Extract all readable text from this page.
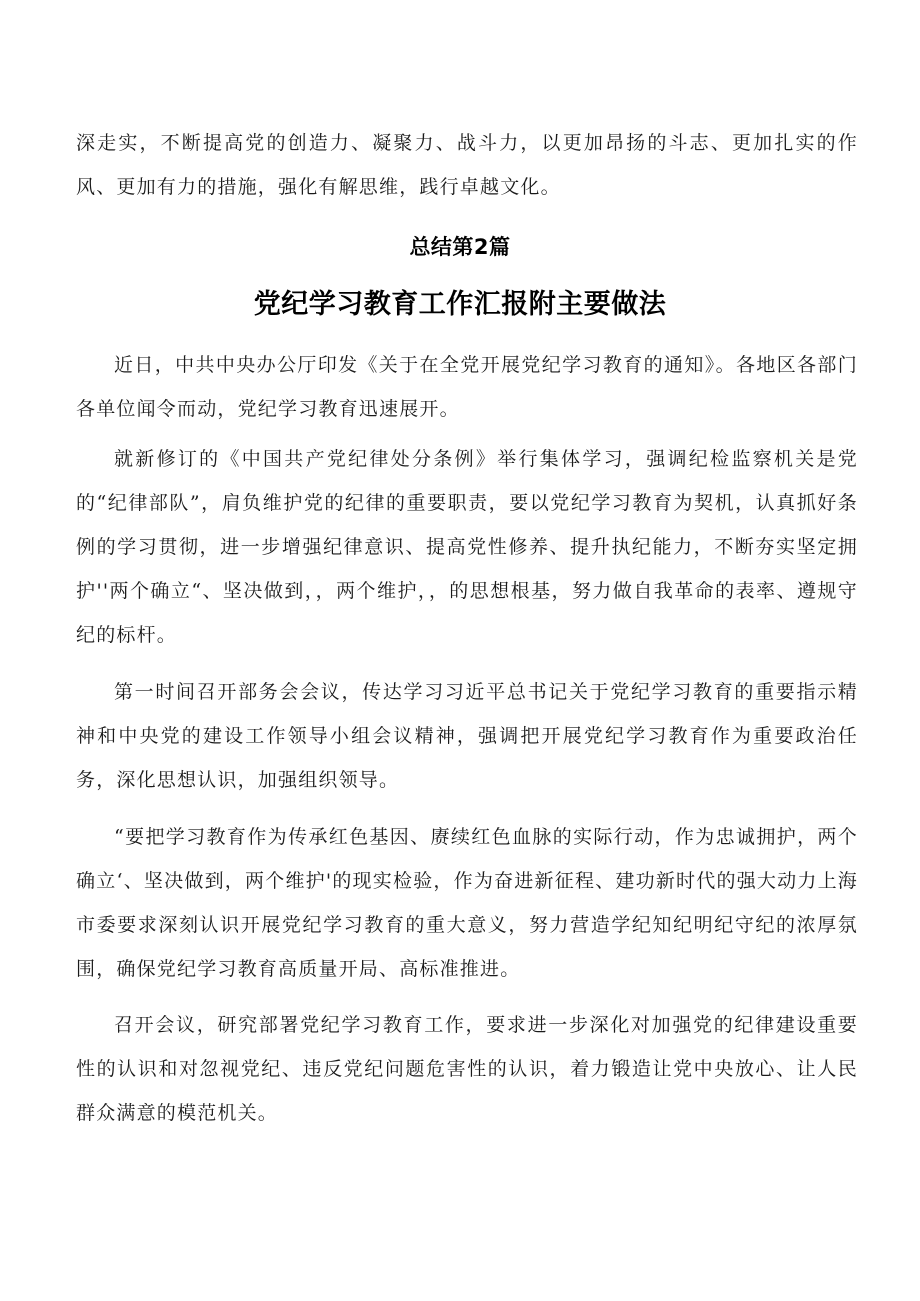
深走实，不断提高党的创造力、凝聚力、战斗力，以更加昂扬的斗志、更加扎实的作风、更加有力的措施，强化有解思维，践行卓越文化。

总结第2篇
党纪学习教育工作汇报附主要做法

近日，中共中央办公厅印发《关于在全党开展党纪学习教育的通知》。各地区各部门各单位闻令而动，党纪学习教育迅速展开。

就新修订的《中国共产党纪律处分条例》举行集体学习，强调纪检监察机关是党的“纪律部队”，肩负维护党的纪律的重要职责，要以党纪学习教育为契机，认真抓好条例的学习贯彻，进一步增强纪律意识、提高党性修养、提升执纪能力，不断夯实坚定拥护''两个确立“、坚决做到，，两个维护，，的思想根基，努力做自我革命的表率、遵规守纪的标杆。

第一时间召开部务会会议，传达学习习近平总书记关于党纪学习教育的重要指示精神和中央党的建设工作领导小组会议精神，强调把开展党纪学习教育作为重要政治任务，深化思想认识，加强组织领导。

“要把学习教育作为传承红色基因、赓续红色血脉的实际行动，作为忠诚拥护，两个确立‘、坚决做到，两个维护'的现实检验，作为奋进新征程、建功新时代的强大动力上海市委要求深刻认识开展党纪学习教育的重大意义，努力营造学纪知纪明纪守纪的浓厚氛围，确保党纪学习教育高质量开局、高标准推进。

召开会议，研究部署党纪学习教育工作，要求进一步深化对加强党的纪律建设重要性的认识和对忽视党纪、违反党纪问题危害性的认识，着力锻造让党中央放心、让人民群众满意的模范机关。
